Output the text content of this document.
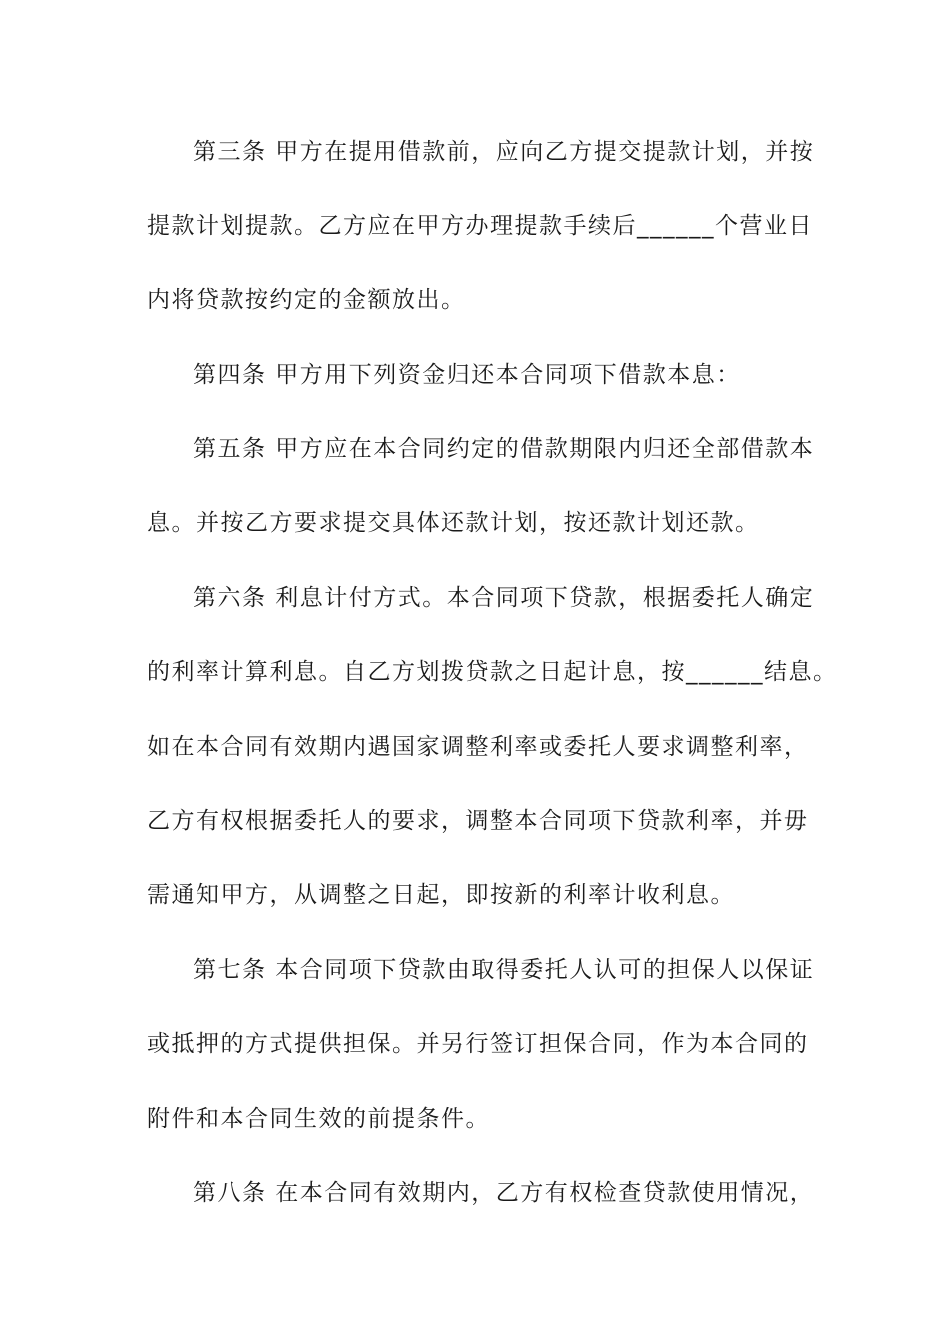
第三条 甲方在提用借款前，应向乙方提交提款计划，并按
提款计划提款。乙方应在甲方办理提款手续后______个营业日
内将贷款按约定的金额放出。
第四条 甲方用下列资金归还本合同项下借款本息：
第五条 甲方应在本合同约定的借款期限内归还全部借款本
息。并按乙方要求提交具体还款计划，按还款计划还款。
第六条 利息计付方式。本合同项下贷款，根据委托人确定
的利率计算利息。自乙方划拨贷款之日起计息，按______结息。
如在本合同有效期内遇国家调整利率或委托人要求调整利率，
乙方有权根据委托人的要求，调整本合同项下贷款利率，并毋
需通知甲方，从调整之日起，即按新的利率计收利息。
第七条 本合同项下贷款由取得委托人认可的担保人以保证
或抵押的方式提供担保。并另行签订担保合同，作为本合同的
附件和本合同生效的前提条件。
第八条 在本合同有效期内，乙方有权检查贷款使用情况，
